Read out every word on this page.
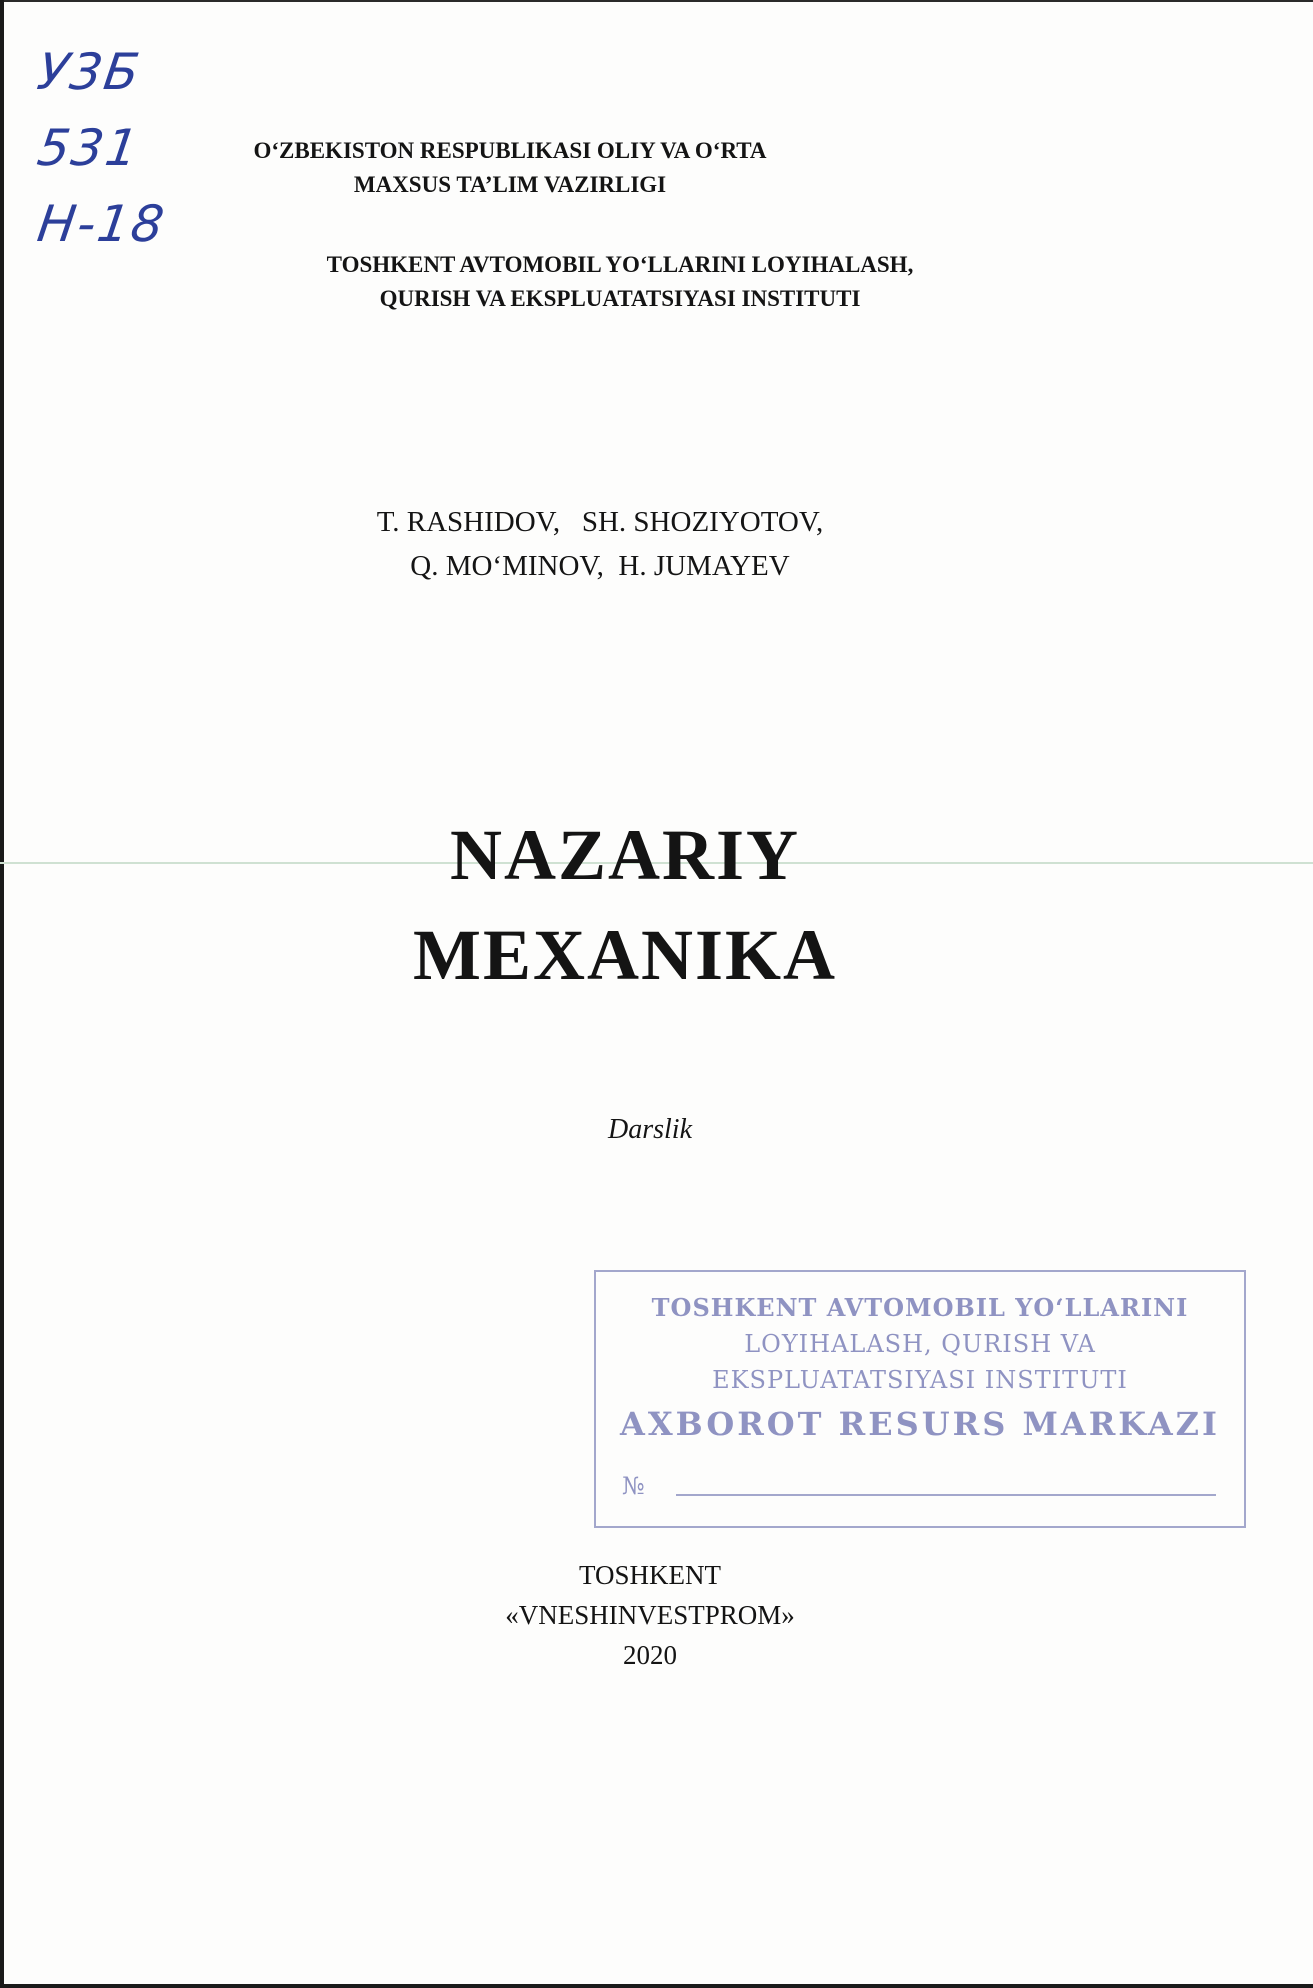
У3Б
531
Н-18
O‘ZBEKISTON RESPUBLIKASI OLIY VA O‘RTA
MAXSUS TA’LIM VAZIRLIGI
TOSHKENT AVTOMOBIL YO‘LLARINI LOYIHALASH,
QURISH VA EKSPLUATATSIYASI INSTITUTI
T. RASHIDOV,   SH. SHOZIYOTOV,
Q. MO‘MINOV,  H. JUMAYEV
NAZARIY
MEXANIKA
Darslik
TOSHKENT AVTOMOBIL YO‘LLARINI
LOYIHALASH, QURISH VA
EKSPLUATATSIYASI INSTITUTI
AXBOROT RESURS MARKAZI
№
TOSHKENT
«VNESHINVESTPROM»
2020
